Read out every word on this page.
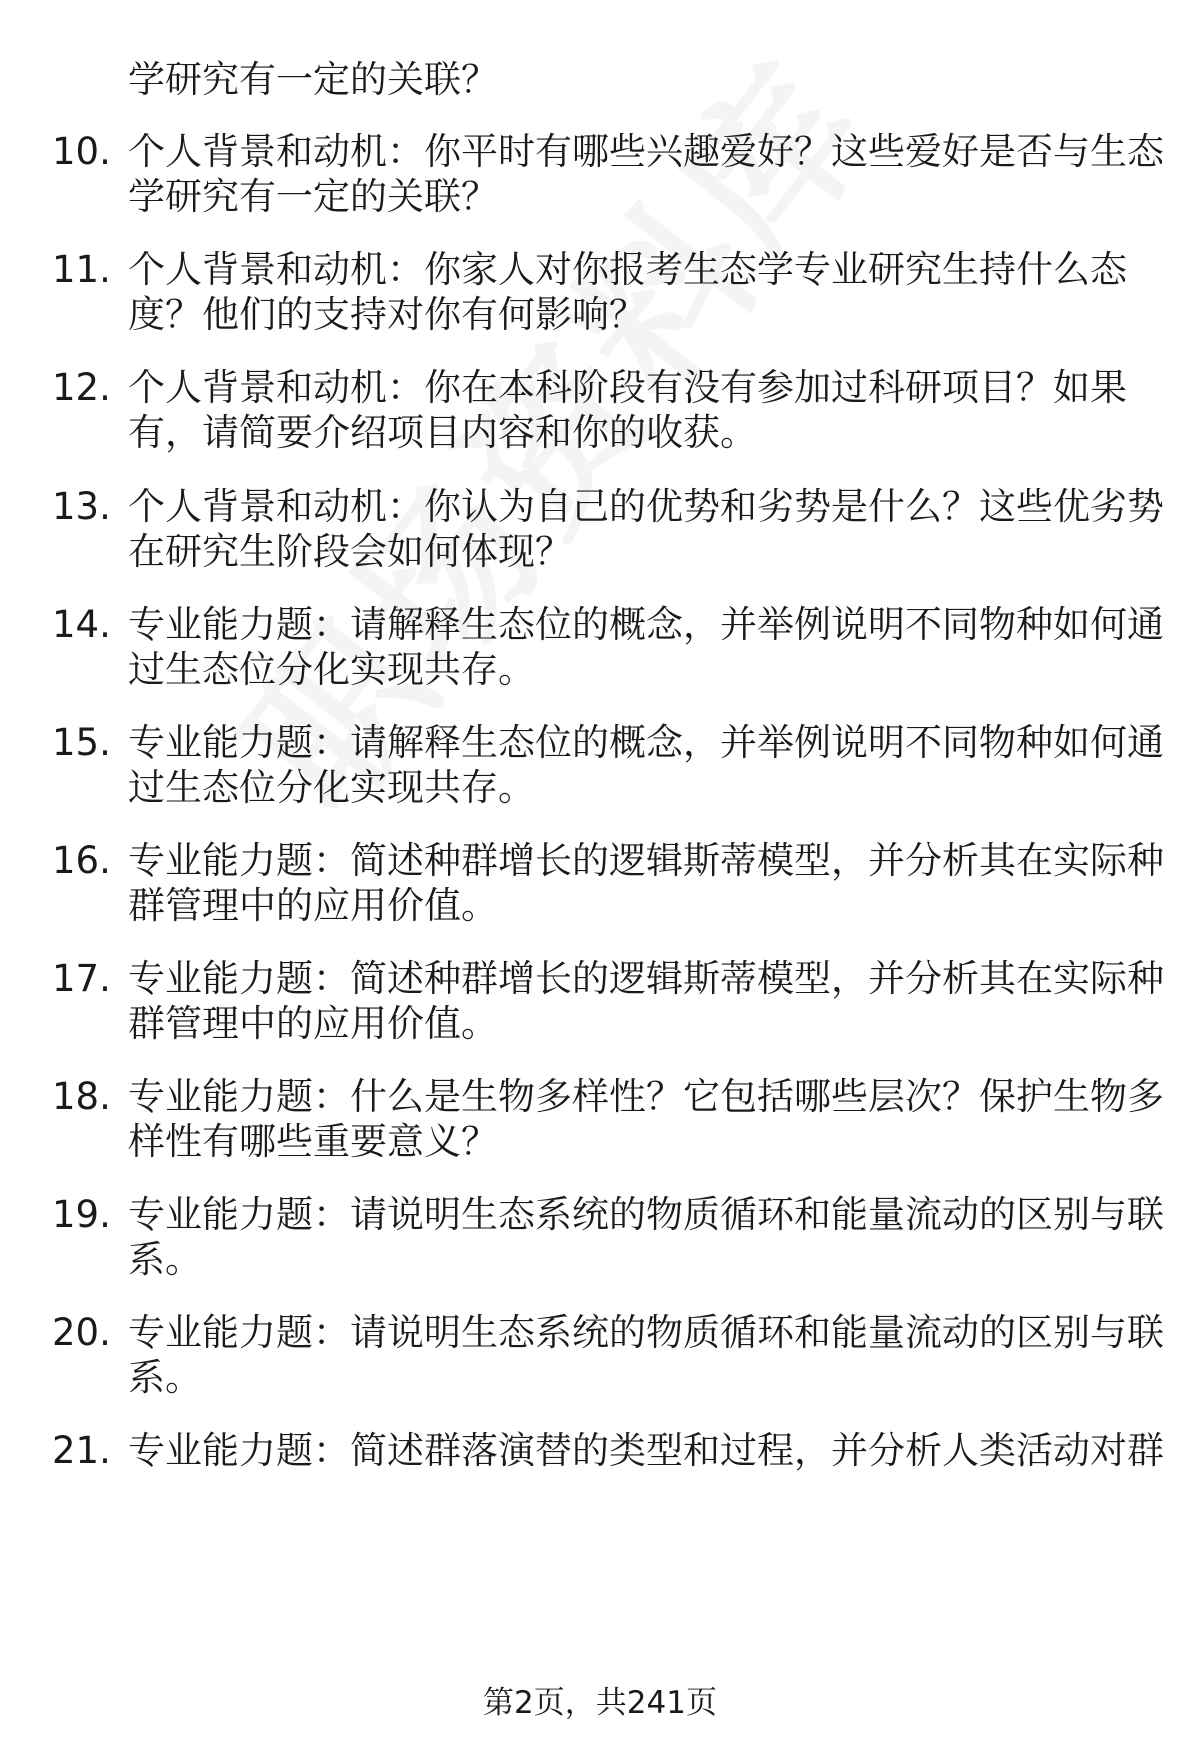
学研究有一定的关联？
10. 个人背景和动机：你平时有哪些兴趣爱好？这些爱好是否与生态
学研究有一定的关联？
11. 个人背景和动机：你家人对你报考生态学专业研究生持什么态
度？他们的支持对你有何影响？
12. 个人背景和动机：你在本科阶段有没有参加过科研项目？如果
有，请简要介绍项目内容和你的收获。
13. 个人背景和动机：你认为自己的优势和劣势是什么？这些优劣势
在研究生阶段会如何体现？
14. 专业能力题：请解释生态位的概念，并举例说明不同物种如何通
过生态位分化实现共存。
15. 专业能力题：请解释生态位的概念，并举例说明不同物种如何通
过生态位分化实现共存。
16. 专业能力题：简述种群增长的逻辑斯蒂模型，并分析其在实际种
群管理中的应用价值。
17. 专业能力题：简述种群增长的逻辑斯蒂模型，并分析其在实际种
群管理中的应用价值。
18. 专业能力题：什么是生物多样性？它包括哪些层次？保护生物多
样性有哪些重要意义？
19. 专业能力题：请说明生态系统的物质循环和能量流动的区别与联
系。
20. 专业能力题：请说明生态系统的物质循环和能量流动的区别与联
系。
21. 专业能力题：简述群落演替的类型和过程，并分析人类活动对群
第2页，共241页
